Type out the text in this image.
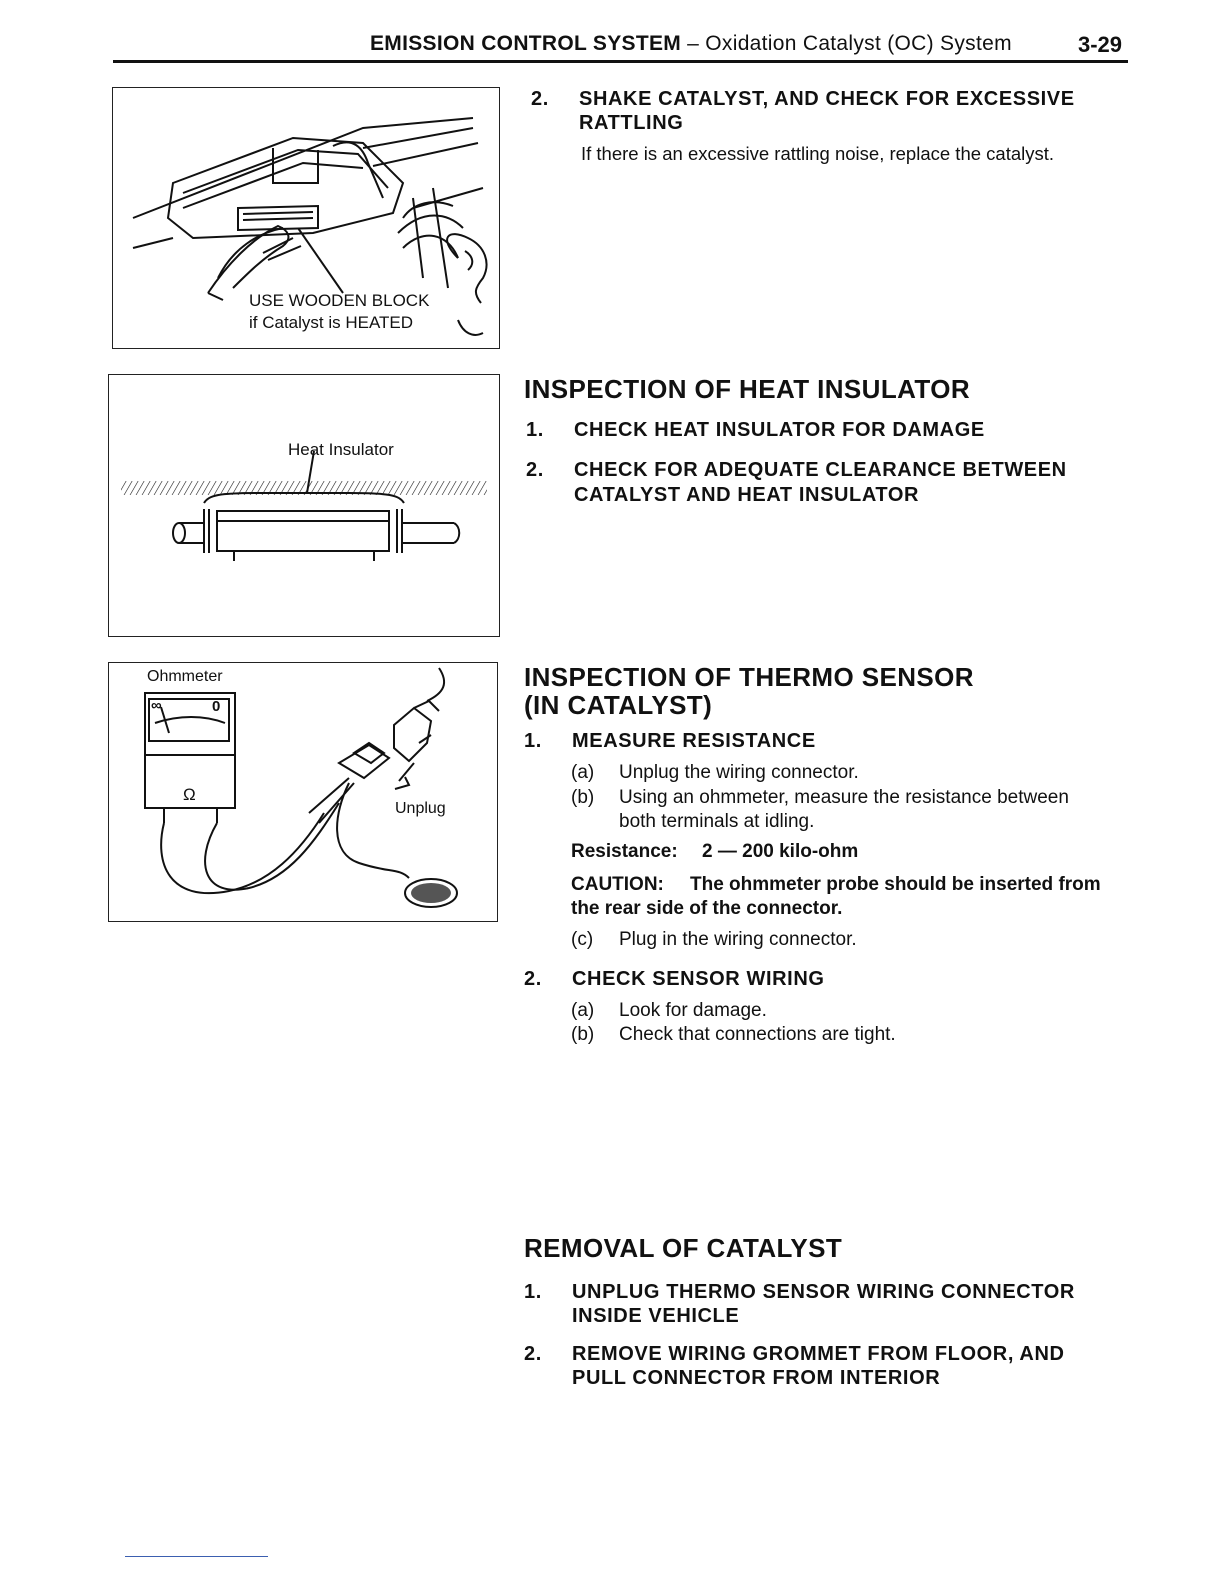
EMISSION CONTROL SYSTEM – Oxidation Catalyst (OC) System	3-29
USE WOODEN BLOCK
if Catalyst is HEATED
Heat Insulator
Ohmmeter
∞	0
Ω
Unplug
2. SHAKE CATALYST, AND CHECK FOR EXCESSIVE
RATTLING
If there is an excessive rattling noise, replace the catalyst.
INSPECTION OF HEAT INSULATOR
1. CHECK HEAT INSULATOR FOR DAMAGE
2. CHECK FOR ADEQUATE CLEARANCE BETWEEN
CATALYST AND HEAT INSULATOR
INSPECTION OF THERMO SENSOR
(IN CATALYST)
1. MEASURE RESISTANCE
(a) Unplug the wiring connector.
(b) Using an ohmmeter, measure the resistance between
both terminals at idling.
Resistance: 2 — 200 kilo-ohm
CAUTION: The ohmmeter probe should be inserted from
the rear side of the connector.
(c) Plug in the wiring connector.
2. CHECK SENSOR WIRING
(a) Look for damage.
(b) Check that connections are tight.
REMOVAL OF CATALYST
1. UNPLUG THERMO SENSOR WIRING CONNECTOR
INSIDE VEHICLE
2. REMOVE WIRING GROMMET FROM FLOOR, AND
PULL CONNECTOR FROM INTERIOR
